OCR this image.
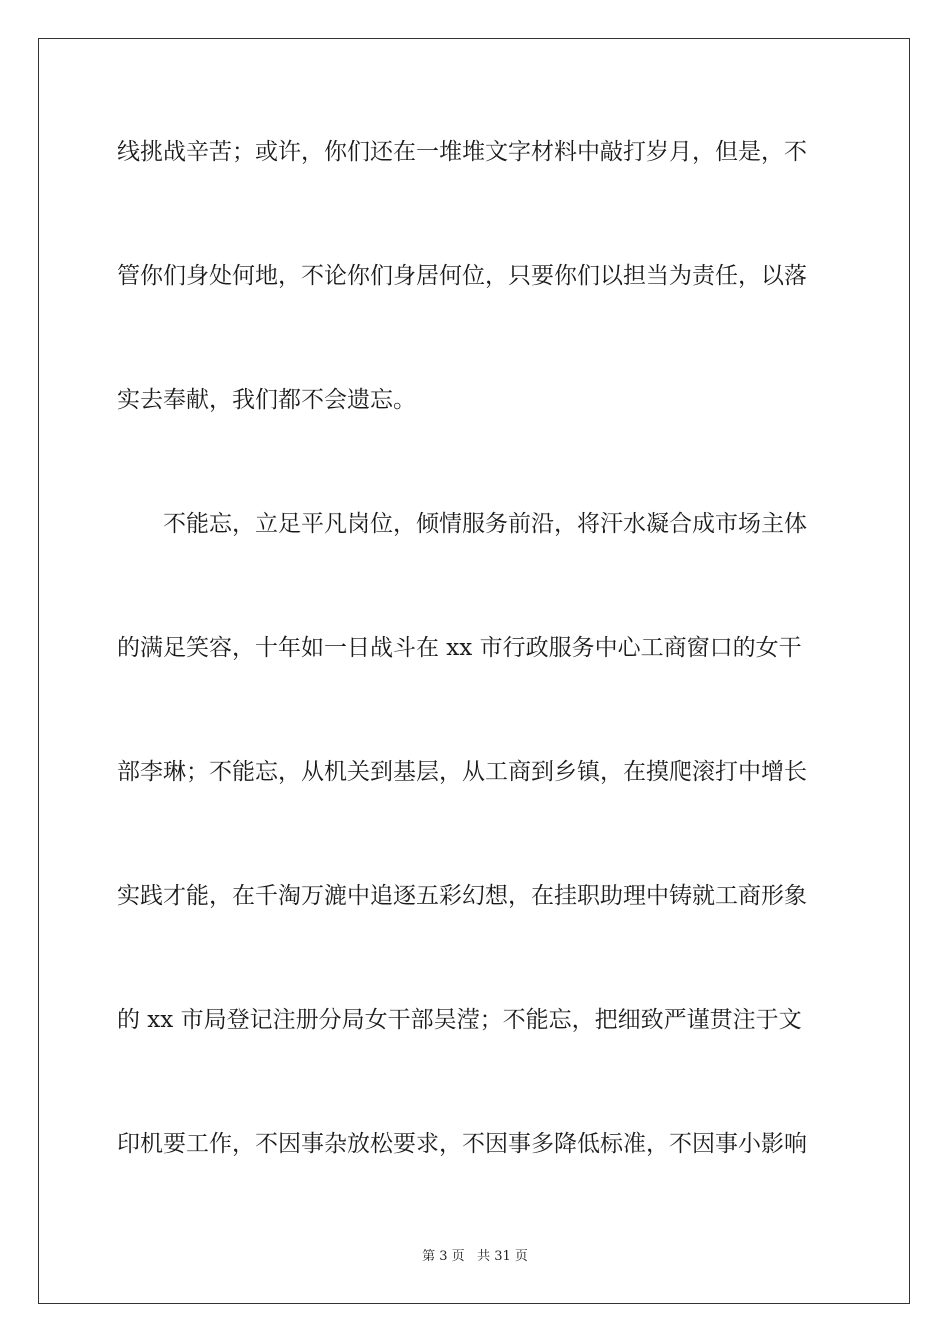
线挑战辛苦；或许，你们还在一堆堆文字材料中敲打岁月，但是，不
管你们身处何地，不论你们身居何位，只要你们以担当为责任，以落
实去奉献，我们都不会遗忘。
　　不能忘，立足平凡岗位，倾情服务前沿，将汗水凝合成市场主体
的满足笑容，十年如一日战斗在 xx 市行政服务中心工商窗口的女干
部李琳；不能忘，从机关到基层，从工商到乡镇，在摸爬滚打中增长
实践才能，在千淘万漉中追逐五彩幻想，在挂职助理中铸就工商形象
的 xx 市局登记注册分局女干部吴滢；不能忘，把细致严谨贯注于文
印机要工作，不因事杂放松要求，不因事多降低标准，不因事小影响
第 3 页 共 31 页
